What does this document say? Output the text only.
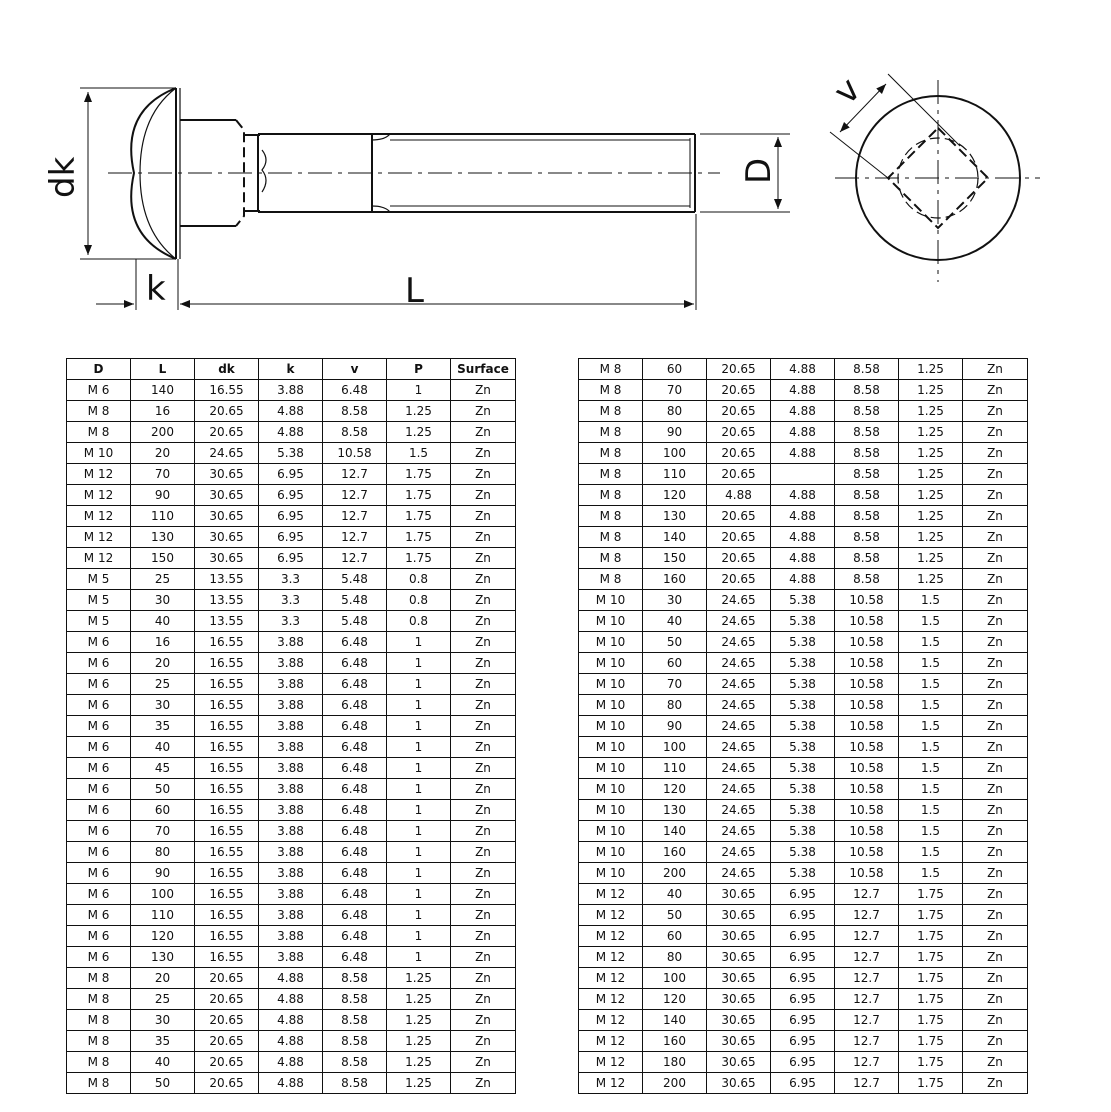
dk
k	L
D
v
D	L	dk	k	v	P	Surface
M 6	140	16.55	3.88	6.48	1	Zn
M 8	16	20.65	4.88	8.58	1.25	Zn
M 8	200	20.65	4.88	8.58	1.25	Zn
M 10	20	24.65	5.38	10.58	1.5	Zn
M 12	70	30.65	6.95	12.7	1.75	Zn
M 12	90	30.65	6.95	12.7	1.75	Zn
M 12	110	30.65	6.95	12.7	1.75	Zn
M 12	130	30.65	6.95	12.7	1.75	Zn
M 12	150	30.65	6.95	12.7	1.75	Zn
M 5	25	13.55	3.3	5.48	0.8	Zn
M 5	30	13.55	3.3	5.48	0.8	Zn
M 5	40	13.55	3.3	5.48	0.8	Zn
M 6	16	16.55	3.88	6.48	1	Zn
M 6	20	16.55	3.88	6.48	1	Zn
M 6	25	16.55	3.88	6.48	1	Zn
M 6	30	16.55	3.88	6.48	1	Zn
M 6	35	16.55	3.88	6.48	1	Zn
M 6	40	16.55	3.88	6.48	1	Zn
M 6	45	16.55	3.88	6.48	1	Zn
M 6	50	16.55	3.88	6.48	1	Zn
M 6	60	16.55	3.88	6.48	1	Zn
M 6	70	16.55	3.88	6.48	1	Zn
M 6	80	16.55	3.88	6.48	1	Zn
M 6	90	16.55	3.88	6.48	1	Zn
M 6	100	16.55	3.88	6.48	1	Zn
M 6	110	16.55	3.88	6.48	1	Zn
M 6	120	16.55	3.88	6.48	1	Zn
M 6	130	16.55	3.88	6.48	1	Zn
M 8	20	20.65	4.88	8.58	1.25	Zn
M 8	25	20.65	4.88	8.58	1.25	Zn
M 8	30	20.65	4.88	8.58	1.25	Zn
M 8	35	20.65	4.88	8.58	1.25	Zn
M 8	40	20.65	4.88	8.58	1.25	Zn
M 8	50	20.65	4.88	8.58	1.25	Zn
M 8	60	20.65	4.88	8.58	1.25	Zn
M 8	70	20.65	4.88	8.58	1.25	Zn
M 8	80	20.65	4.88	8.58	1.25	Zn
M 8	90	20.65	4.88	8.58	1.25	Zn
M 8	100	20.65	4.88	8.58	1.25	Zn
M 8	110	20.65		8.58	1.25	Zn
M 8	120	4.88	4.88	8.58	1.25	Zn
M 8	130	20.65	4.88	8.58	1.25	Zn
M 8	140	20.65	4.88	8.58	1.25	Zn
M 8	150	20.65	4.88	8.58	1.25	Zn
M 8	160	20.65	4.88	8.58	1.25	Zn
M 10	30	24.65	5.38	10.58	1.5	Zn
M 10	40	24.65	5.38	10.58	1.5	Zn
M 10	50	24.65	5.38	10.58	1.5	Zn
M 10	60	24.65	5.38	10.58	1.5	Zn
M 10	70	24.65	5.38	10.58	1.5	Zn
M 10	80	24.65	5.38	10.58	1.5	Zn
M 10	90	24.65	5.38	10.58	1.5	Zn
M 10	100	24.65	5.38	10.58	1.5	Zn
M 10	110	24.65	5.38	10.58	1.5	Zn
M 10	120	24.65	5.38	10.58	1.5	Zn
M 10	130	24.65	5.38	10.58	1.5	Zn
M 10	140	24.65	5.38	10.58	1.5	Zn
M 10	160	24.65	5.38	10.58	1.5	Zn
M 10	200	24.65	5.38	10.58	1.5	Zn
M 12	40	30.65	6.95	12.7	1.75	Zn
M 12	50	30.65	6.95	12.7	1.75	Zn
M 12	60	30.65	6.95	12.7	1.75	Zn
M 12	80	30.65	6.95	12.7	1.75	Zn
M 12	100	30.65	6.95	12.7	1.75	Zn
M 12	120	30.65	6.95	12.7	1.75	Zn
M 12	140	30.65	6.95	12.7	1.75	Zn
M 12	160	30.65	6.95	12.7	1.75	Zn
M 12	180	30.65	6.95	12.7	1.75	Zn
M 12	200	30.65	6.95	12.7	1.75	Zn
